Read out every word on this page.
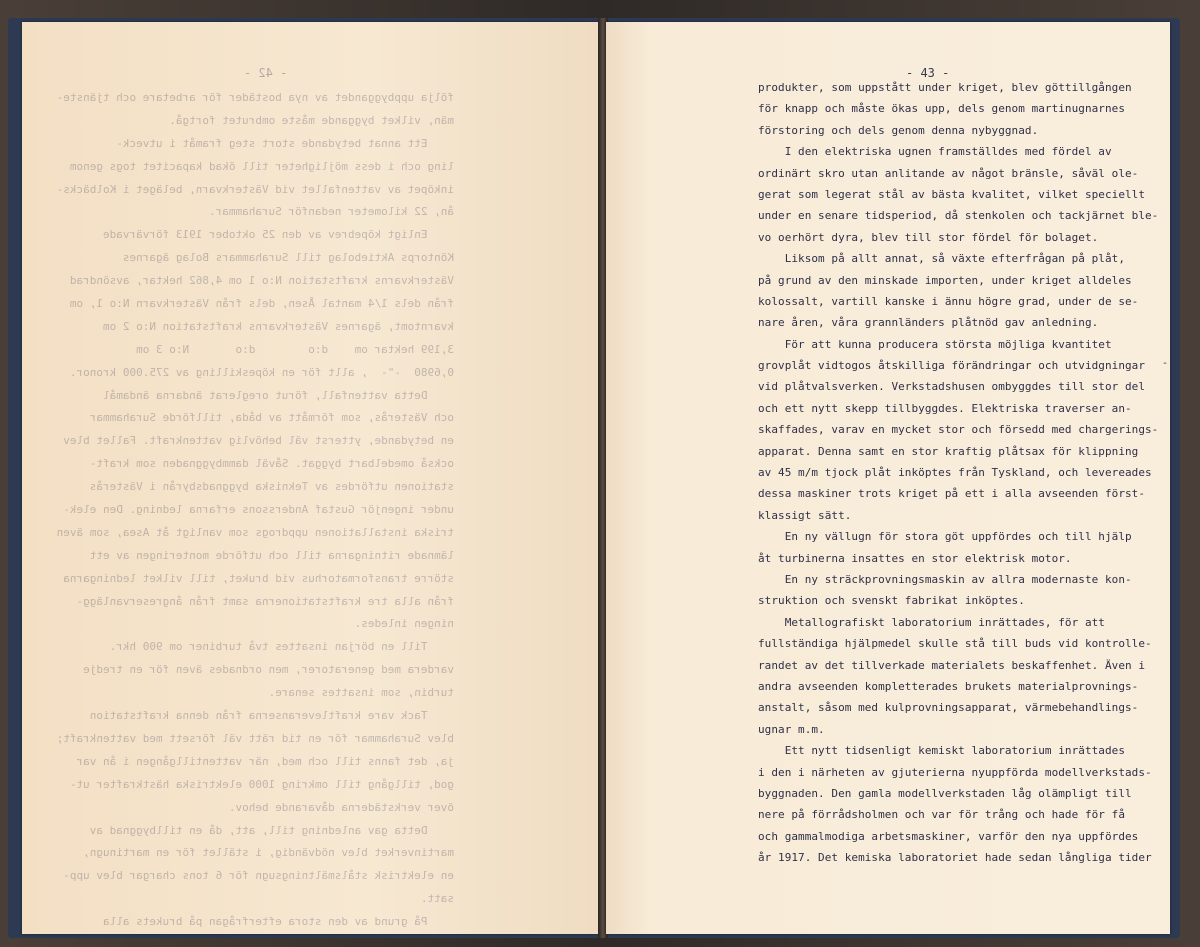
- 42 -
följa uppbyggandet av nya bostäder för arbetare och tjänste-
män, vilket byggande måste ombrutet fortgå.
Ett annat betydande stort steg framåt i utveck-
ling och i dess möjligheter till ökad kapacitet togs genom
inköpet av vattenfallet vid Västerkvarn, beläget i Kolbäcks-
ån, 22 kilometer nedanför Surahammar.
Enligt köpebrev av den 25 oktober 1913 förvärvade
Köntorps Aktiebolag till Surahammars Bolag ägarnes
Västerkvarns kraftstation N:o 1 om 4,862 hektar, avsöndrad
från dels 1/4 mantal Åsen, dels från Västerkvarn N:o 1, om
kvarntomt, ägarnes Västerkvarns kraftstation N:o 2 om
3,199 hektar om    d:o        d:o       N:o 3 om
0,6980  -"-  , allt för en köpeskilling av 275.000 kronor.
Detta vattenfall, förut oreglerat ändarna ändamål
och Västerås, som förmått av båda, tillförde Surahammar
en betydande, ytterst väl behövlig vattenkraft. Fallet blev
också omedelbart byggat. Såväl dammbyggnaden som kraft-
stationen utfördes av Tekniska byggnadsbyrån i Västerås
under ingenjör Gustaf Anderssons erfarna ledning. Den elek-
triska installationen uppdrogs som vanligt åt Asea, som även
lämnade ritningarna till och utförde monteringen av ett
större transformatorhus vid bruket, till vilket ledningarna
från alla tre kraftstationerna samt från ångreservanlägg-
ningen inledes.
Till en början insattes två turbiner om 900 hkr.
vardera med generatorer, men ordnades även för en tredje
turbin, som insattes senare.
Tack vare kraftleveranserna från denna kraftstation
blev Surahammar för en tid rätt väl försett med vattenkraft;
ja, det fanns till och med, när vattentillgången i ån var
god, tillgång till omkring 1000 elektriska hästkrafter ut-
över verkstäderna dåvarande behov.
Detta gav anledning till, att, då en tillbyggnad av
martinverket blev nödvändig, i stället för en martinugn,
en elektrisk stålsmältningsugn för 6 tons chargar blev upp-
satt.
På grund av den stora efterfrågan på brukets alla
- 43 -
produkter, som uppstått under kriget, blev göttillgången
för knapp och måste ökas upp, dels genom martinugnarnes
förstoring och dels genom denna nybyggnad.
I den elektriska ugnen framställdes med fördel av
ordinärt skro utan anlitande av något bränsle, såväl ole-
gerat som legerat stål av bästa kvalitet, vilket speciellt
under en senare tidsperiod, då stenkolen och tackjärnet ble-
vo oerhört dyra, blev till stor fördel för bolaget.
Liksom på allt annat, så växte efterfrågan på plåt,
på grund av den minskade importen, under kriget alldeles
kolossalt, vartill kanske i ännu högre grad, under de se-
nare åren, våra grannländers plåtnöd gav anledning.
För att kunna producera största möjliga kvantitet
grovplåt vidtogos åtskilliga förändringar och utvidgningar
vid plåtvalsverken. Verkstadshusen ombyggdes till stor del
och ett nytt skepp tillbyggdes. Elektriska traverser an-
skaffades, varav en mycket stor och försedd med chargerings-
apparat. Denna samt en stor kraftig plåtsax för klippning
av 45 m/m tjock plåt inköptes från Tyskland, och levereades
dessa maskiner trots kriget på ett i alla avseenden först-
klassigt sätt.
En ny vällugn för stora göt uppfördes och till hjälp
åt turbinerna insattes en stor elektrisk motor.
En ny sträckprovningsmaskin av allra modernaste kon-
struktion och svenskt fabrikat inköptes.
Metallografiskt laboratorium inrättades, för att
fullständiga hjälpmedel skulle stå till buds vid kontrolle-
randet av det tillverkade materialets beskaffenhet. Även i
andra avseenden kompletterades brukets materialprovnings-
anstalt, såsom med kulprovningsapparat, värmebehandlings-
ugnar m.m.
Ett nytt tidsenligt kemiskt laboratorium inrättades
i den i närheten av gjuterierna nyuppförda modellverkstads-
byggnaden. Den gamla modellverkstaden låg olämpligt till
nere på förrådsholmen och var för trång och hade för få
och gammalmodiga arbetsmaskiner, varför den nya uppfördes
år 1917. Det kemiska laboratoriet hade sedan långliga tider
-
